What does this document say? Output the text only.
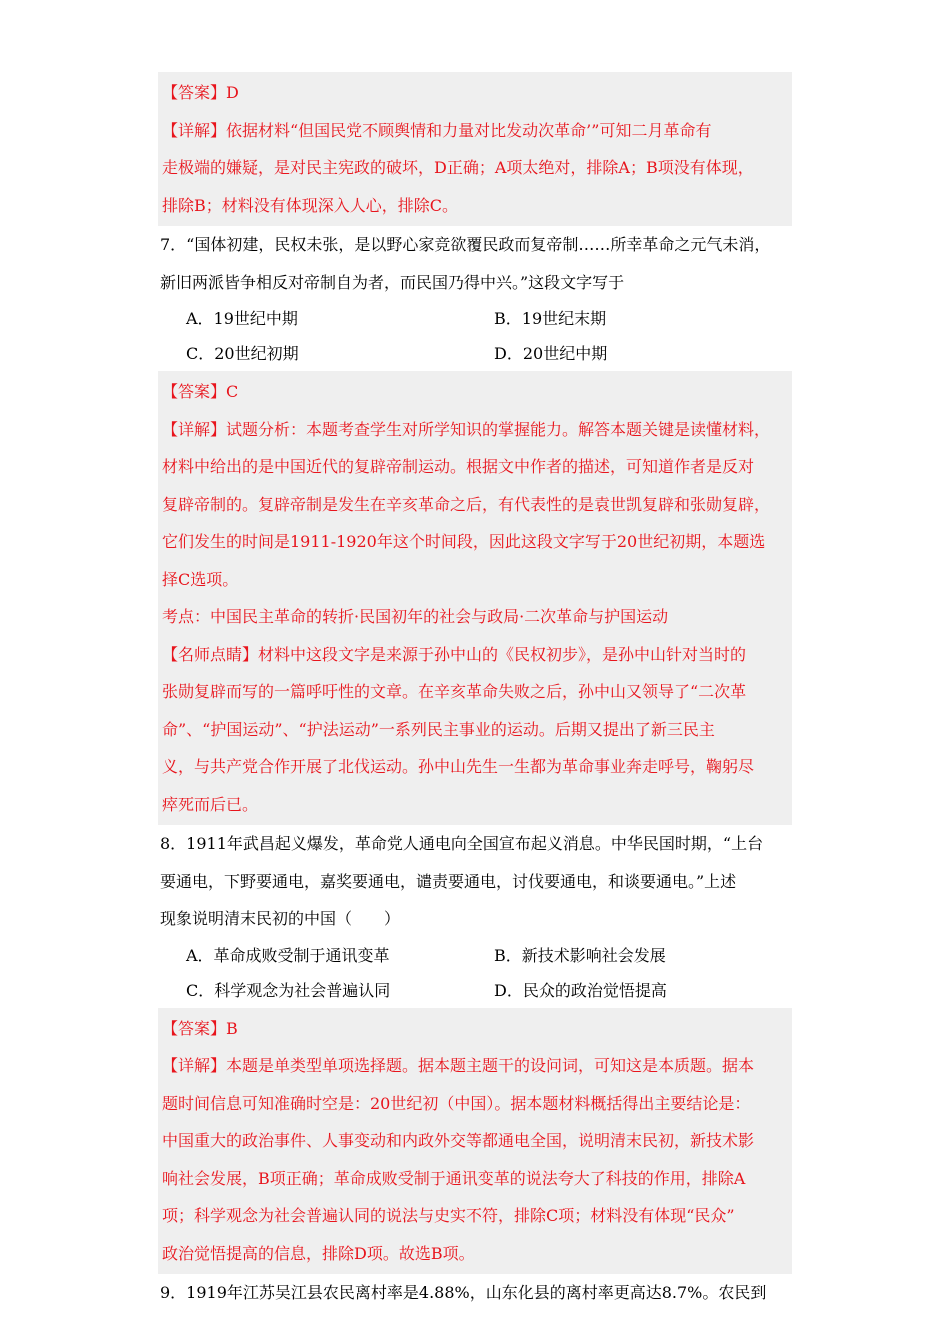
【答案】D
【详解】依据材料“但国民党不顾舆情和力量对比发动次革命’”可知二月革命有
走极端的嫌疑，是对民主宪政的破坏，D正确；A项太绝对，排除A；B项没有体现，
排除B；材料没有体现深入人心，排除C。
7．“国体初建，民权未张，是以野心家竞欲覆民政而复帝制……所幸革命之元气未消，
新旧两派皆争相反对帝制自为者，而民国乃得中兴。”这段文字写于
A．19世纪中期	B．19世纪末期
C．20世纪初期	D．20世纪中期
【答案】C
【详解】试题分析：本题考查学生对所学知识的掌握能力。解答本题关键是读懂材料，
材料中给出的是中国近代的复辟帝制运动。根据文中作者的描述，可知道作者是反对
复辟帝制的。复辟帝制是发生在辛亥革命之后，有代表性的是袁世凯复辟和张勋复辟，
它们发生的时间是1911-1920年这个时间段，因此这段文字写于20世纪初期，本题选
择C选项。
考点：中国民主革命的转折·民国初年的社会与政局·二次革命与护国运动
【名师点睛】材料中这段文字是来源于孙中山的《民权初步》，是孙中山针对当时的
张勋复辟而写的一篇呼吁性的文章。在辛亥革命失败之后，孙中山又领导了“二次革
命”、“护国运动”、“护法运动”一系列民主事业的运动。后期又提出了新三民主
义，与共产党合作开展了北伐运动。孙中山先生一生都为革命事业奔走呼号，鞠躬尽
瘁死而后已。
8．1911年武昌起义爆发，革命党人通电向全国宣布起义消息。中华民国时期，“上台
要通电，下野要通电，嘉奖要通电，谴责要通电，讨伐要通电，和谈要通电。”上述
现象说明清末民初的中国（　　）
A．革命成败受制于通讯变革	B．新技术影响社会发展
C．科学观念为社会普遍认同	D．民众的政治觉悟提高
【答案】B
【详解】本题是单类型单项选择题。据本题主题干的设问词，可知这是本质题。据本
题时间信息可知准确时空是：20世纪初（中国）。据本题材料概括得出主要结论是：
中国重大的政治事件、人事变动和内政外交等都通电全国，说明清末民初，新技术影
响社会发展，B项正确；革命成败受制于通讯变革的说法夸大了科技的作用，排除A
项；科学观念为社会普遍认同的说法与史实不符，排除C项；材料没有体现“民众”
政治觉悟提高的信息，排除D项。故选B项。
9．1919年江苏吴江县农民离村率是4.88%，山东化县的离村率更高达8.7%。农民到
